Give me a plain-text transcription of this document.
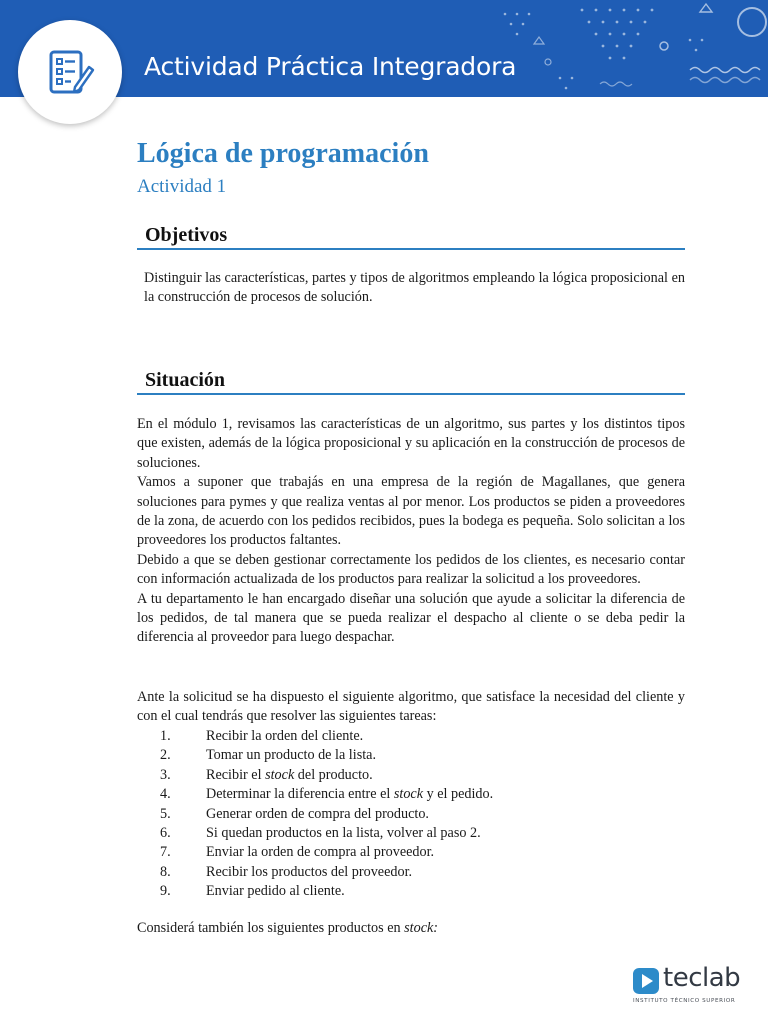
Actividad Práctica Integradora
Lógica de programación
Actividad 1
Objetivos

Distinguir las características, partes y tipos de algoritmos empleando la lógica proposicional en la construcción de procesos de solución.

Situación

En el módulo 1, revisamos las características de un algoritmo, sus partes y los distintos tipos que existen, además de la lógica proposicional y su aplicación en la construcción de procesos de soluciones.

Vamos a suponer que trabajás en una empresa de la región de Magallanes, que genera soluciones para pymes y que realiza ventas al por menor. Los productos se piden a proveedores de la zona, de acuerdo con los pedidos recibidos, pues la bodega es pequeña. Solo solicitan a los proveedores los productos faltantes.

Debido a que se deben gestionar correctamente los pedidos de los clientes, es necesario contar con información actualizada de los productos para realizar la solicitud a los proveedores.

A tu departamento le han encargado diseñar una solución que ayude a solicitar la diferencia de los pedidos, de tal manera que se pueda realizar el despacho al cliente o se deba pedir la diferencia al proveedor para luego despachar.

Ante la solicitud se ha dispuesto el siguiente algoritmo, que satisface la necesidad del cliente y con el cual tendrás que resolver las siguientes tareas:

1. Recibir la orden del cliente.
2. Tomar un producto de la lista.
3. Recibir el stock del producto.
4. Determinar la diferencia entre el stock y el pedido.
5. Generar orden de compra del producto.
6. Si quedan productos en la lista, volver al paso 2.
7. Enviar la orden de compra al proveedor.
8. Recibir los productos del proveedor.
9. Enviar pedido al cliente.
Considerá también los siguientes productos en stock:
teclab
INSTITUTO TÉCNICO SUPERIOR
